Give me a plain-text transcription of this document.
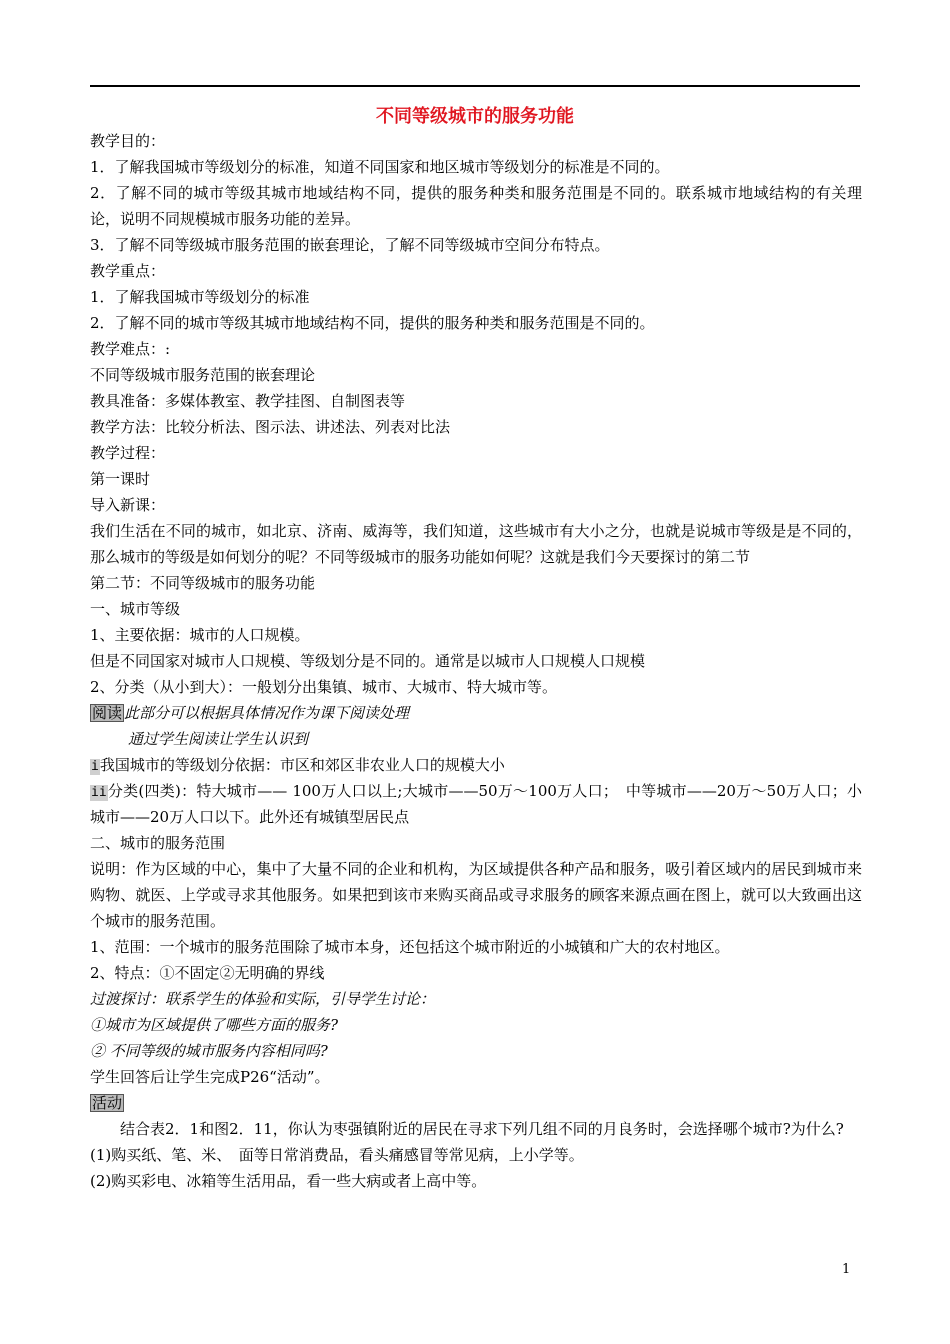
不同等级城市的服务功能
教学目的：
1．了解我国城市等级划分的标准，知道不同国家和地区城市等级划分的标准是不同的。
2．了解不同的城市等级其城市地域结构不同，提供的服务种类和服务范围是不同的。联系城市地域结构的有关理论，说明不同规模城市服务功能的差异。
3．了解不同等级城市服务范围的嵌套理论，了解不同等级城市空间分布特点。
教学重点：
1．了解我国城市等级划分的标准
2．了解不同的城市等级其城市地域结构不同，提供的服务种类和服务范围是不同的。
教学难点：:
不同等级城市服务范围的嵌套理论
教具准备：多媒体教室、教学挂图、自制图表等
教学方法：比较分析法、图示法、讲述法、列表对比法
教学过程：
第一课时
导入新课：
我们生活在不同的城市，如北京、济南、威海等，我们知道，这些城市有大小之分，也就是说城市等级是是不同的，那么城市的等级是如何划分的呢？不同等级城市的服务功能如何呢？这就是我们今天要探讨的第二节
第二节：不同等级城市的服务功能
一、城市等级
1、主要依据：城市的人口规模。
但是不同国家对城市人口规模、等级划分是不同的。通常是以城市人口规模人口规模
2、分类（从小到大）：一般划分出集镇、城市、大城市、特大城市等。
阅读 此部分可以根据具体情况作为课下阅读处理
通过学生阅读让学生认识到
i我国城市的等级划分依据：市区和郊区非农业人口的规模大小
ii分类(四类)：特大城市—— 100万人口以上;大城市——50万～100万人口；　中等城市——20万～50万人口；小城市——20万人口以下。此外还有城镇型居民点
二、城市的服务范围
说明：作为区域的中心，集中了大量不同的企业和机构，为区域提供各种产品和服务，吸引着区域内的居民到城市来购物、就医、上学或寻求其他服务。如果把到该市来购买商品或寻求服务的顾客来源点画在图上，就可以大致画出这个城市的服务范围。
1、范围：一个城市的服务范围除了城市本身，还包括这个城市附近的小城镇和广大的农村地区。
2、特点：①不固定②无明确的界线
过渡探讨：联系学生的体验和实际，引导学生讨论：
①城市为区域提供了哪些方面的服务?
② 不同等级的城市服务内容相同吗?
学生回答后让学生完成P26“活动”。
活动
结合表2．1和图2．11，你认为枣强镇附近的居民在寻求下列几组不同的月良务时，会选择哪个城市?为什么?
(1)购买纸、笔、米、　面等日常消费品，看头痛感冒等常见病，上小学等。
(2)购买彩电、冰箱等生活用品，看一些大病或者上高中等。
1
